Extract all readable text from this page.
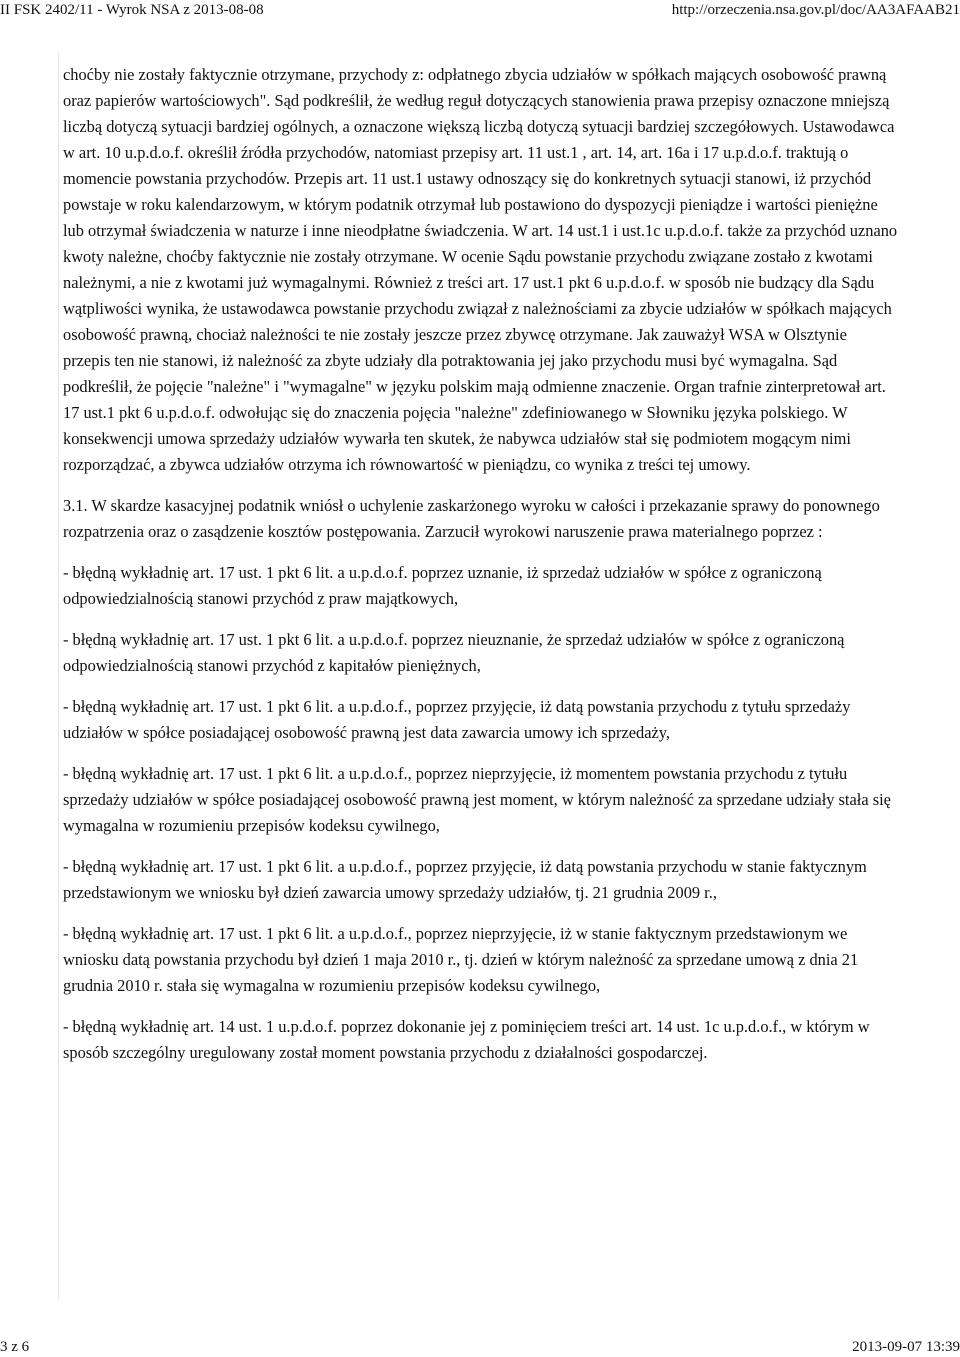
II FSK 2402/11 - Wyrok NSA z 2013-08-08	http://orzeczenia.nsa.gov.pl/doc/AA3AFAAB21

choćby nie zostały faktycznie otrzymane, przychody z: odpłatnego zbycia udziałów w spółkach mających osobowość prawną oraz papierów wartościowych". Sąd podkreślił, że według reguł dotyczących stanowienia prawa przepisy oznaczone mniejszą liczbą dotyczą sytuacji bardziej ogólnych, a oznaczone większą liczbą dotyczą sytuacji bardziej szczegółowych. Ustawodawca w art. 10 u.p.d.o.f. określił źródła przychodów, natomiast przepisy art. 11 ust.1 , art. 14, art. 16a i 17 u.p.d.o.f. traktują o momencie powstania przychodów. Przepis art. 11 ust.1 ustawy odnoszący się do konkretnych sytuacji stanowi, iż przychód powstaje w roku kalendarzowym, w którym podatnik otrzymał lub postawiono do dyspozycji pieniądze i wartości pieniężne lub otrzymał świadczenia w naturze i inne nieodpłatne świadczenia. W art. 14 ust.1 i ust.1c u.p.d.o.f. także za przychód uznano kwoty należne, choćby faktycznie nie zostały otrzymane. W ocenie Sądu powstanie przychodu związane zostało z kwotami należnymi, a nie z kwotami już wymagalnymi. Również z treści art. 17 ust.1 pkt 6 u.p.d.o.f. w sposób nie budzący dla Sądu wątpliwości wynika, że ustawodawca powstanie przychodu związał z należnościami za zbycie udziałów w spółkach mających osobowość prawną, chociaż należności te nie zostały jeszcze przez zbywcę otrzymane. Jak zauważył WSA w Olsztynie przepis ten nie stanowi, iż należność za zbyte udziały dla potraktowania jej jako przychodu musi być wymagalna. Sąd podkreślił, że pojęcie "należne" i "wymagalne" w języku polskim mają odmienne znaczenie. Organ trafnie zinterpretował art. 17 ust.1 pkt 6 u.p.d.o.f. odwołując się do znaczenia pojęcia "należne" zdefiniowanego w Słowniku języka polskiego. W konsekwencji umowa sprzedaży udziałów wywarła ten skutek, że nabywca udziałów stał się podmiotem mogącym nimi rozporządzać, a zbywca udziałów otrzyma ich równowartość w pieniądzu, co wynika z treści tej umowy.

3.1. W skardze kasacyjnej podatnik wniósł o uchylenie zaskarżonego wyroku w całości i przekazanie sprawy do ponownego rozpatrzenia oraz o zasądzenie kosztów postępowania. Zarzucił wyrokowi naruszenie prawa materialnego poprzez :

- błędną wykładnię art. 17 ust. 1 pkt 6 lit. a u.p.d.o.f. poprzez uznanie, iż sprzedaż udziałów w spółce z ograniczoną odpowiedzialnością stanowi przychód z praw majątkowych,

- błędną wykładnię art. 17 ust. 1 pkt 6 lit. a u.p.d.o.f. poprzez nieuznanie, że sprzedaż udziałów w spółce z ograniczoną odpowiedzialnością stanowi przychód z kapitałów pieniężnych,

- błędną wykładnię art. 17 ust. 1 pkt 6 lit. a u.p.d.o.f., poprzez przyjęcie, iż datą powstania przychodu z tytułu sprzedaży udziałów w spółce posiadającej osobowość prawną jest data zawarcia umowy ich sprzedaży,

- błędną wykładnię art. 17 ust. 1 pkt 6 lit. a u.p.d.o.f., poprzez nieprzyjęcie, iż momentem powstania przychodu z tytułu sprzedaży udziałów w spółce posiadającej osobowość prawną jest moment, w którym należność za sprzedane udziały stała się wymagalna w rozumieniu przepisów kodeksu cywilnego,

- błędną wykładnię art. 17 ust. 1 pkt 6 lit. a u.p.d.o.f., poprzez przyjęcie, iż datą powstania przychodu w stanie faktycznym przedstawionym we wniosku był dzień zawarcia umowy sprzedaży udziałów, tj. 21 grudnia 2009 r.,

- błędną wykładnię art. 17 ust. 1 pkt 6 lit. a u.p.d.o.f., poprzez nieprzyjęcie, iż w stanie faktycznym przedstawionym we wniosku datą powstania przychodu był dzień 1 maja 2010 r., tj. dzień w którym należność za sprzedane umową z dnia 21 grudnia 2010 r. stała się wymagalna w rozumieniu przepisów kodeksu cywilnego,

- błędną wykładnię art. 14 ust. 1 u.p.d.o.f. poprzez dokonanie jej z pominięciem treści art. 14 ust. 1c u.p.d.o.f., w którym w sposób szczególny uregulowany został moment powstania przychodu z działalności gospodarczej.

3 z 6	2013-09-07 13:39
